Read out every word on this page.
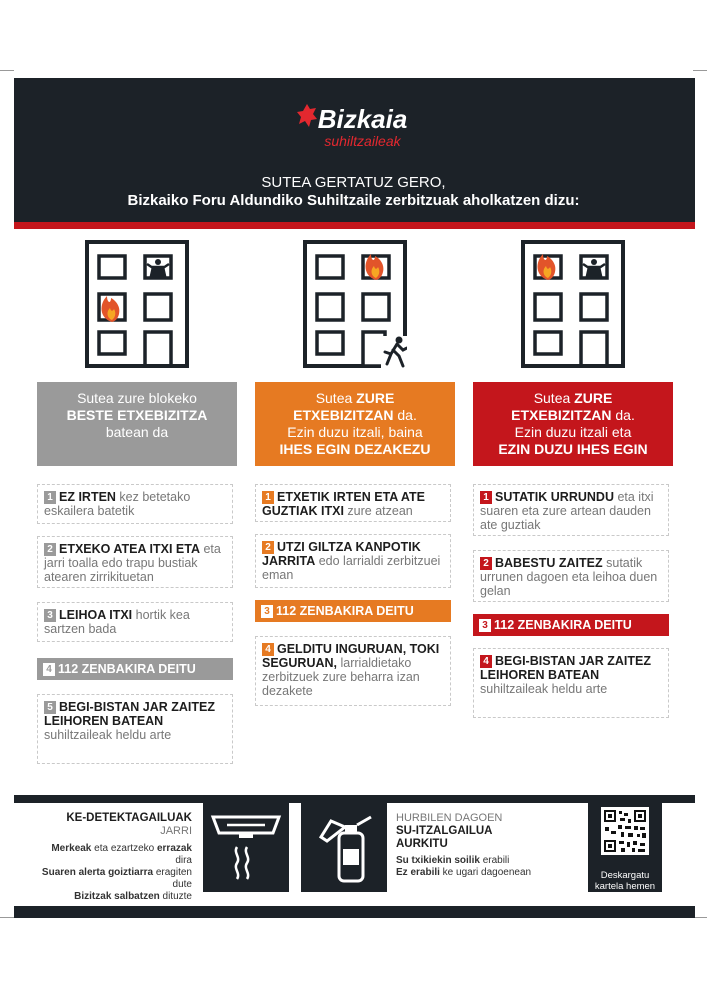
Bizkaia
suhiltzaileak
SUTEA GERTATUZ GERO,
Bizkaiko Foru Aldundiko Suhiltzaile zerbitzuak aholkatzen dizu:
Sutea zure blokeko
BESTE ETXEBIZITZA
batean da
1 EZ IRTEN kez betetako eskailera batetik
2 ETXEKO ATEA ITXI ETA eta jarri toalla edo trapu bustiak atearen zirrikituetan
3 LEIHOA ITXI hortik kea sartzen bada
4 112 ZENBAKIRA DEITU
5 BEGI-BISTAN JAR ZAITEZ LEIHOREN BATEAN suhiltzaileak heldu arte
Sutea ZURE
ETXEBIZITZAN da.
Ezin duzu itzali, baina
IHES EGIN DEZAKEZU
1 ETXETIK IRTEN ETA ATE GUZTIAK ITXI zure atzean
2 UTZI GILTZA KANPOTIK JARRITA edo larrialdi zerbitzuei eman
3 112 ZENBAKIRA DEITU
4 GELDITU INGURUAN, TOKI SEGURUAN, larrialdietako zerbitzuek zure beharra izan dezakete
Sutea ZURE
ETXEBIZITZAN da.
Ezin duzu itzali eta
EZIN DUZU IHES EGIN
1 SUTATIK URRUNDU eta itxi suaren eta zure artean dauden ate guztiak
2 BABESTU ZAITEZ sutatik urrunen dagoen eta leihoa duen gelan
3 112 ZENBAKIRA DEITU
4 BEGI-BISTAN JAR ZAITEZ LEIHOREN BATEAN suhiltzaileak heldu arte
KE-DETEKTAGAILUAK
JARRI
Merkeak eta ezartzeko errazak dira
Suaren alerta goiztiarra eragiten dute
Bizitzak salbatzen dituzte
HURBILEN DAGOEN
SU-ITZALGAILUA
AURKITU
Su txikiekin soilik erabili
Ez erabili ke ugari dagoenean	Deskargatu
kartela hemen
